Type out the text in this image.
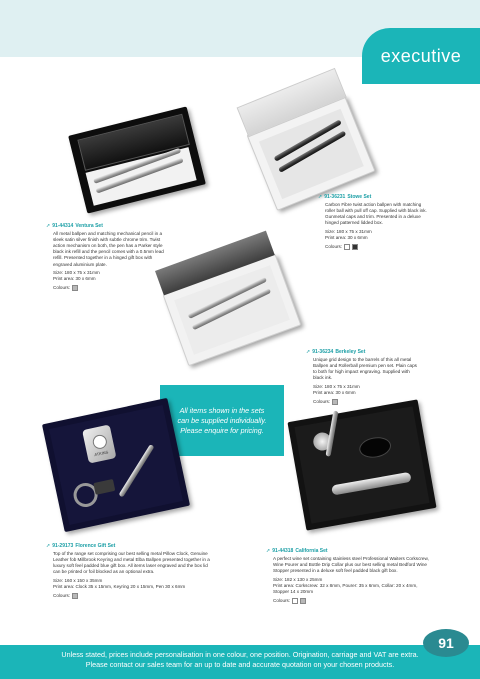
executive
➚ 91-44314 Ventura Set

All metal ballpen and matching mechanical pencil in a sleek satin silver finish with subtle chrome trim. Twist action mechanism on both, the pen has a Parker style black ink refill and the pencil comes with a 0.5mm lead refill. Presented together in a hinged gift box with engraved aluminium plate.

Size: 180 x 75 x 31mm

Print area: 30 x 6mm

Colours:
➚ 91-36231 Stowe Set

Carbon Fibre twist action ballpen with matching roller ball with pull off cap. Supplied with black ink. Gunmetal caps and trim. Presented in a deluxe hinged patterned lidded box.

Size: 180 x 75 x 31mm

Print area: 30 x 6mm

Colours:
➚ 91-36234 Berkeley Set

Unique grid design to the barrels of this all metal Ballpen and Rollerball premium pen set. Plain caps to both for high impact engraving. Supplied with black ink.

Size: 180 x 75 x 31mm

Print area: 30 x 6mm

Colours:
All items shown in the sets
can be supplied individually.
Please enquire for pricing.
ATKINS
➚ 91-29173 Florence Gift Set

Top of the range set comprising our best selling metal Pillow Clock, Genuine Leather fob Millbrook Keyring and metal Elba Ballpen presented together in a luxury soft feel padded blue gift box. All items laser engraved and the box lid can be printed or foil blocked as an optional extra.

Size: 160 x 150 x 35mm

Print area: Clock 35 x 15mm, Keyring 20 x 15mm, Pen 30 x 6mm

Colours:
➚ 91-44318 California Set

A perfect wine set containing stainless steel Professional Waiters Corkscrew, Wine Pourer and Bottle Drip Collar plus our best selling metal Bedford Wine Stopper presented in a deluxe soft feel padded black gift box.

Size: 182 x 130 x 25mm

Print area: Corkscrew: 32 x 8mm, Pourer: 35 x 6mm, Collar: 20 x 4mm, Stopper 14 x 20mm

Colours:
Unless stated, prices include personalisation in one colour, one position. Origination, carriage and VAT are extra.
Please contact our sales team for an up to date and accurate quotation on your chosen products.
91
